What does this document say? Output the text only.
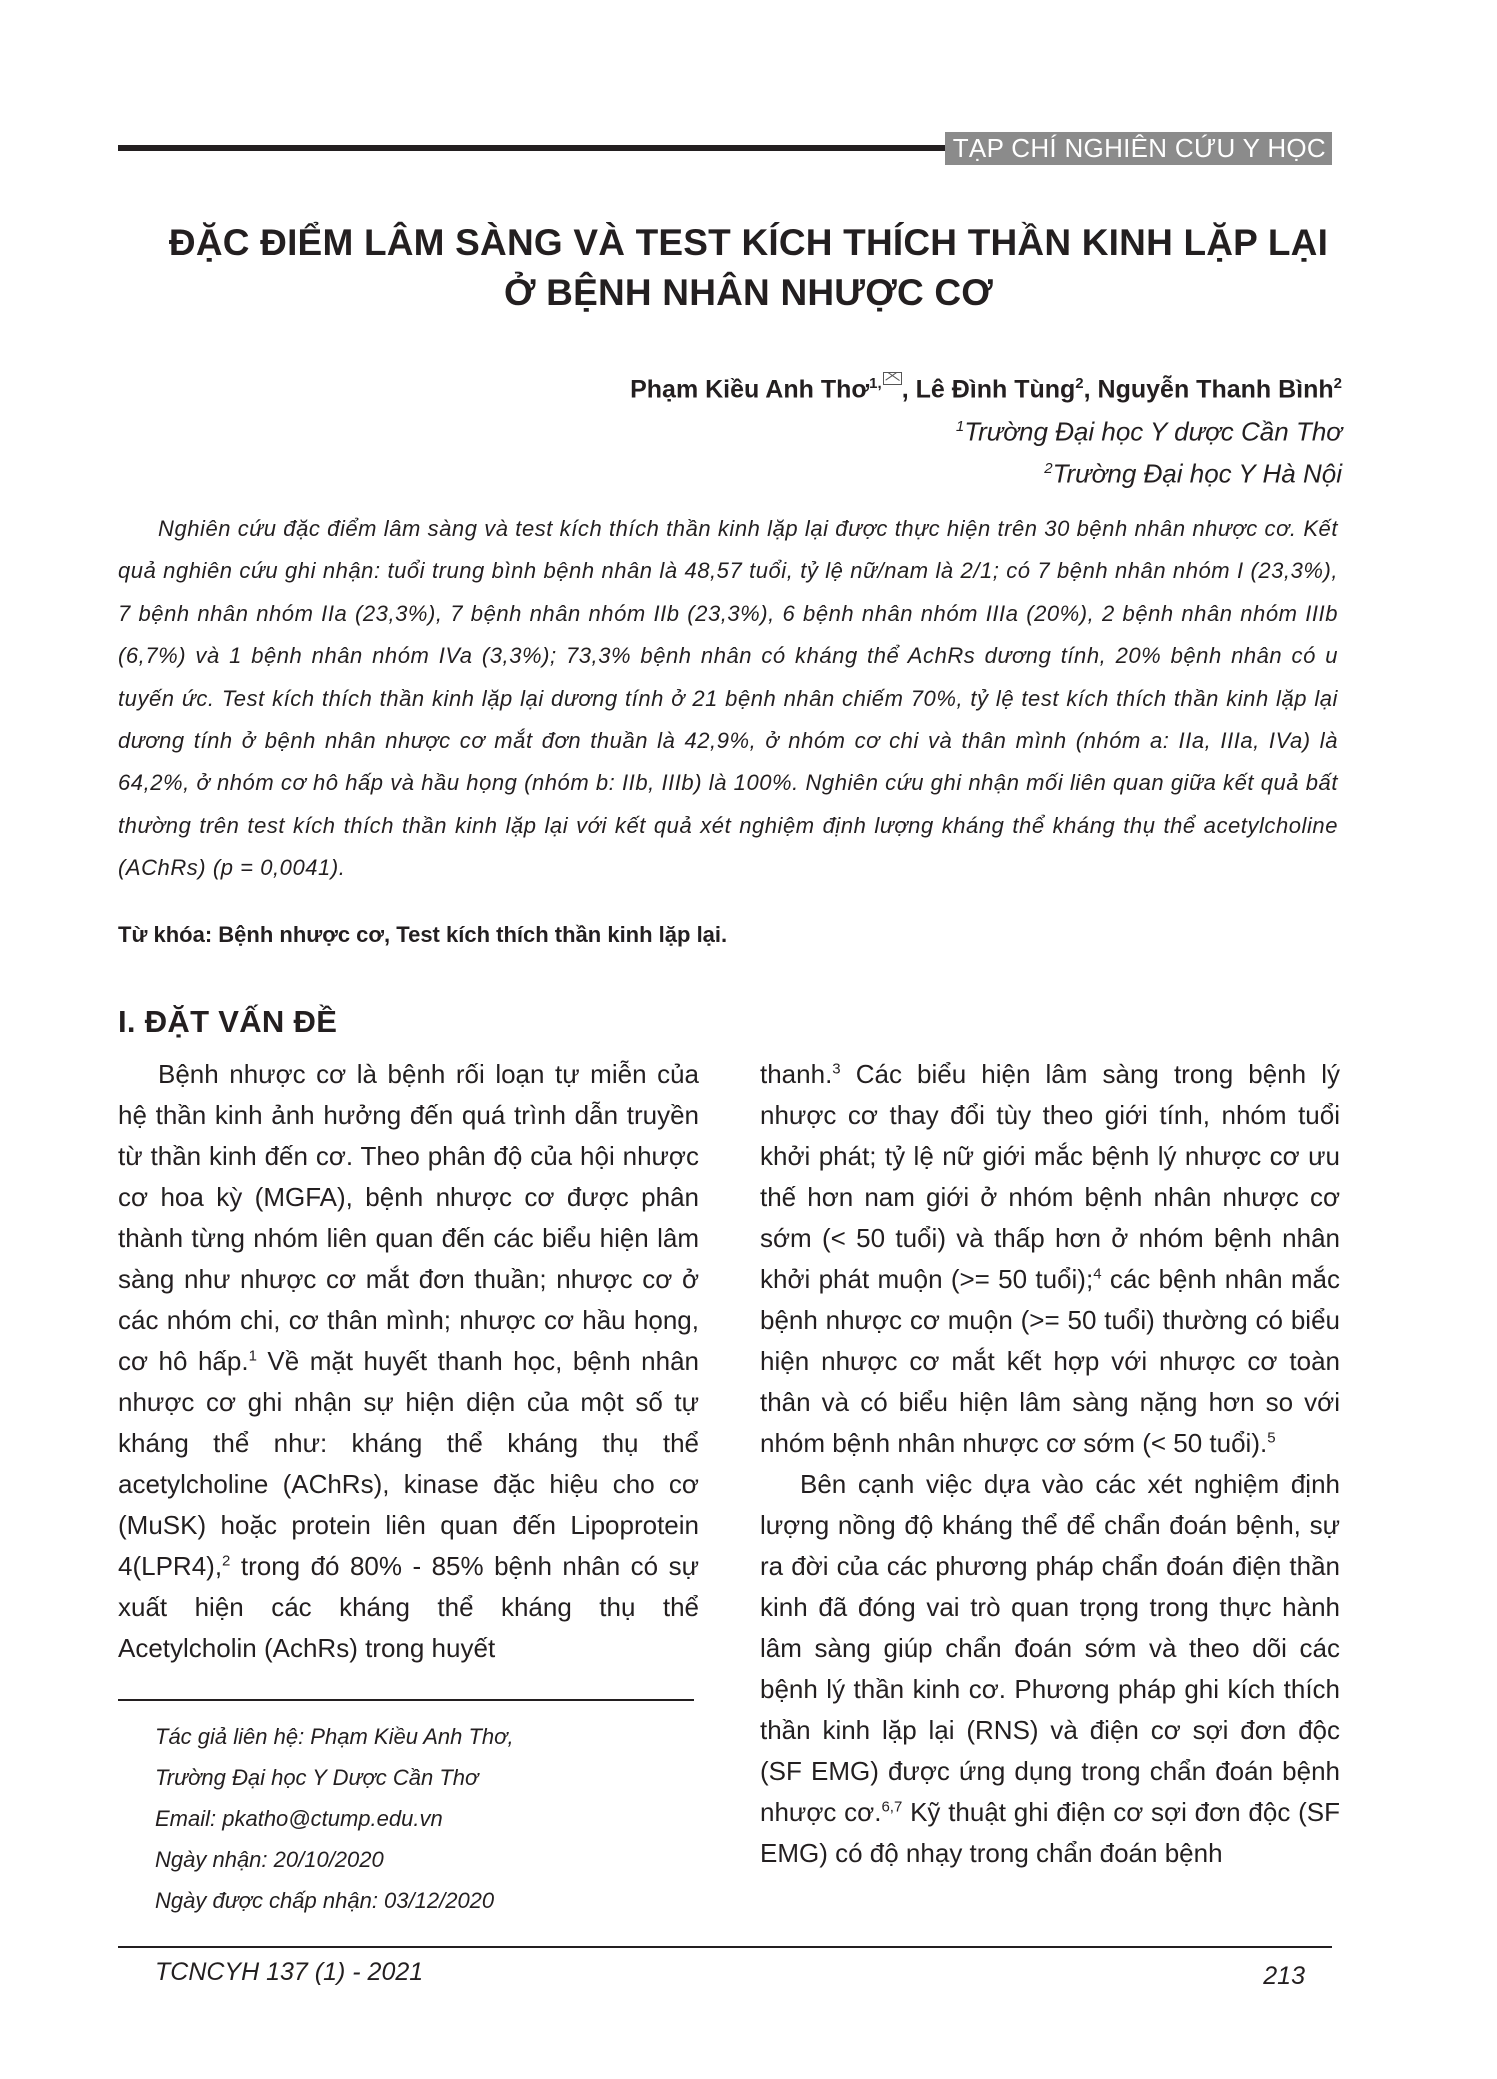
TẠP CHÍ NGHIÊN CỨU Y HỌC
ĐẶC ĐIỂM LÂM SÀNG VÀ TEST KÍCH THÍCH THẦN KINH LẶP LẠI
Ở BỆNH NHÂN NHƯỢC CƠ

Phạm Kiều Anh Thơ$^{1,}$ , Lê Đình Tùng$^2$, Nguyễn Thanh Bình$^2$

$^1$Trường Đại học Y dược Cần Thơ

$^2$Trường Đại học Y Hà Nội

Nghiên cứu đặc điểm lâm sàng và test kích thích thần kinh lặp lại được thực hiện trên 30 bệnh nhân nhược cơ. Kết quả nghiên cứu ghi nhận: tuổi trung bình bệnh nhân là 48,57 tuổi, tỷ lệ nữ/nam là 2/1; có 7 bệnh nhân nhóm I (23,3%), 7 bệnh nhân nhóm IIa (23,3%), 7 bệnh nhân nhóm IIb (23,3%), 6 bệnh nhân nhóm IIIa (20%), 2 bệnh nhân nhóm IIIb (6,7%) và 1 bệnh nhân nhóm IVa (3,3%); 73,3% bệnh nhân có kháng thể AchRs dương tính, 20% bệnh nhân có u tuyến ức. Test kích thích thần kinh lặp lại dương tính ở 21 bệnh nhân chiếm 70%, tỷ lệ test kích thích thần kinh lặp lại dương tính ở bệnh nhân nhược cơ mắt đơn thuần là 42,9%, ở nhóm cơ chi và thân mình (nhóm a: IIa, IIIa, IVa) là 64,2%, ở nhóm cơ hô hấp và hầu họng (nhóm b: IIb, IIIb) là 100%. Nghiên cứu ghi nhận mối liên quan giữa kết quả bất thường trên test kích thích thần kinh lặp lại với kết quả xét nghiệm định lượng kháng thể kháng thụ thể acetylcholine (AChRs) (p = 0,0041).

Từ khóa: Bệnh nhược cơ, Test kích thích thần kinh lặp lại.

I. ĐẶT VẤN ĐỀ

Bệnh nhược cơ là bệnh rối loạn tự miễn của hệ thần kinh ảnh hưởng đến quá trình dẫn truyền từ thần kinh đến cơ. Theo phân độ của hội nhược cơ hoa kỳ (MGFA), bệnh nhược cơ được phân thành từng nhóm liên quan đến các biểu hiện lâm sàng như nhược cơ mắt đơn thuần; nhược cơ ở các nhóm chi, cơ thân mình; nhược cơ hầu họng, cơ hô hấp.$^1$ Về mặt huyết thanh học, bệnh nhân nhược cơ ghi nhận sự hiện diện của một số tự kháng thể như: kháng thể kháng thụ thể acetylcholine (AChRs), kinase đặc hiệu cho cơ (MuSK) hoặc protein liên quan đến Lipoprotein 4(LPR4),$^2$ trong đó 80% - 85% bệnh nhân có sự xuất hiện các kháng thể kháng thụ thể Acetylcholin (AchRs) trong huyết

thanh.$^3$ Các biểu hiện lâm sàng trong bệnh lý nhược cơ thay đổi tùy theo giới tính, nhóm tuổi khởi phát; tỷ lệ nữ giới mắc bệnh lý nhược cơ ưu thế hơn nam giới ở nhóm bệnh nhân nhược cơ sớm (< 50 tuổi) và thấp hơn ở nhóm bệnh nhân khởi phát muộn (>= 50 tuổi);$^4$ các bệnh nhân mắc bệnh nhược cơ muộn (>= 50 tuổi) thường có biểu hiện nhược cơ mắt kết hợp với nhược cơ toàn thân và có biểu hiện lâm sàng nặng hơn so với nhóm bệnh nhân nhược cơ sớm (< 50 tuổi).$^5$

Bên cạnh việc dựa vào các xét nghiệm định lượng nồng độ kháng thể để chẩn đoán bệnh, sự ra đời của các phương pháp chẩn đoán điện thần kinh đã đóng vai trò quan trọng trong thực hành lâm sàng giúp chẩn đoán sớm và theo dõi các bệnh lý thần kinh cơ. Phương pháp ghi kích thích thần kinh lặp lại (RNS) và điện cơ sợi đơn độc (SF EMG) được ứng dụng trong chẩn đoán bệnh nhược cơ.$^{6,7}$ Kỹ thuật ghi điện cơ sợi đơn độc (SF EMG) có độ nhạy trong chẩn đoán bệnh

Tác giả liên hệ: Phạm Kiều Anh Thơ,
Trường Đại học Y Dược Cần Thơ
Email: pkatho@ctump.edu.vn
Ngày nhận: 20/10/2020
Ngày được chấp nhận: 03/12/2020

TCNCYH 137 (1) - 2021	213
